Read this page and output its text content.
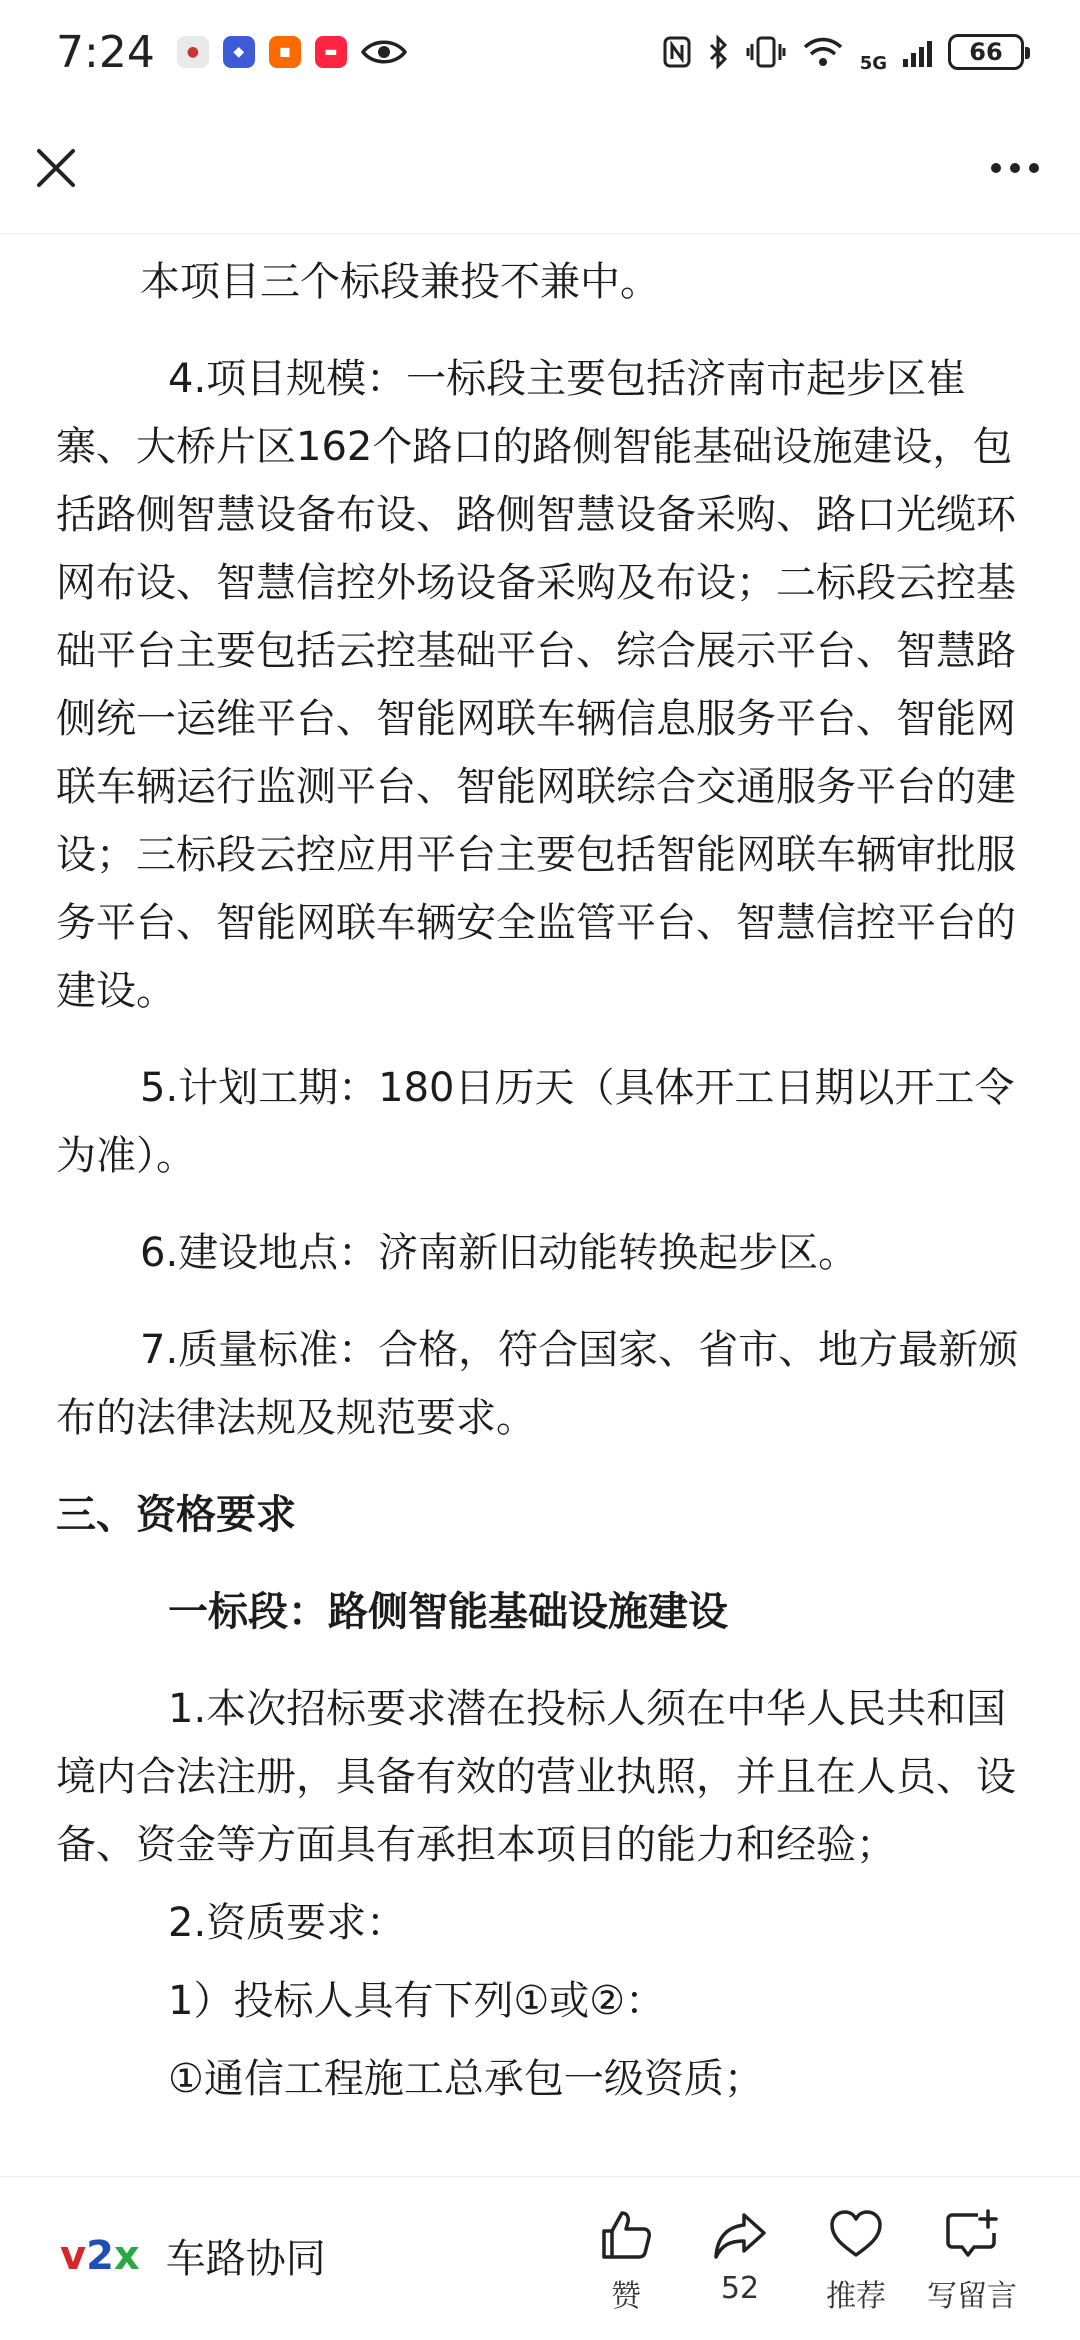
7:24	●	◆	◼	▬
5G	66

本项目三个标段兼投不兼中。

4.项目规模：一标段主要包括济南市起步区崔寨、大桥片区162个路口的路侧智能基础设施建设，包括路侧智慧设备布设、路侧智慧设备采购、路口光缆环网布设、智慧信控外场设备采购及布设；二标段云控基础平台主要包括云控基础平台、综合展示平台、智慧路侧统一运维平台、智能网联车辆信息服务平台、智能网联车辆运行监测平台、智能网联综合交通服务平台的建设；三标段云控应用平台主要包括智能网联车辆审批服务平台、智能网联车辆安全监管平台、智慧信控平台的建设。

5.计划工期：180日历天（具体开工日期以开工令为准）。

6.建设地点：济南新旧动能转换起步区。

7.质量标准：合格，符合国家、省市、地方最新颁布的法律法规及规范要求。

三、资格要求

一标段：路侧智能基础设施建设

1.本次招标要求潜在投标人须在中华人民共和国境内合法注册，具备有效的营业执照，并且在人员、设备、资金等方面具有承担本项目的能力和经验；

2.资质要求：

1）投标人具有下列①或②：

①通信工程施工总承包一级资质；

v2x 车路协同
赞	52 推荐 写留言
